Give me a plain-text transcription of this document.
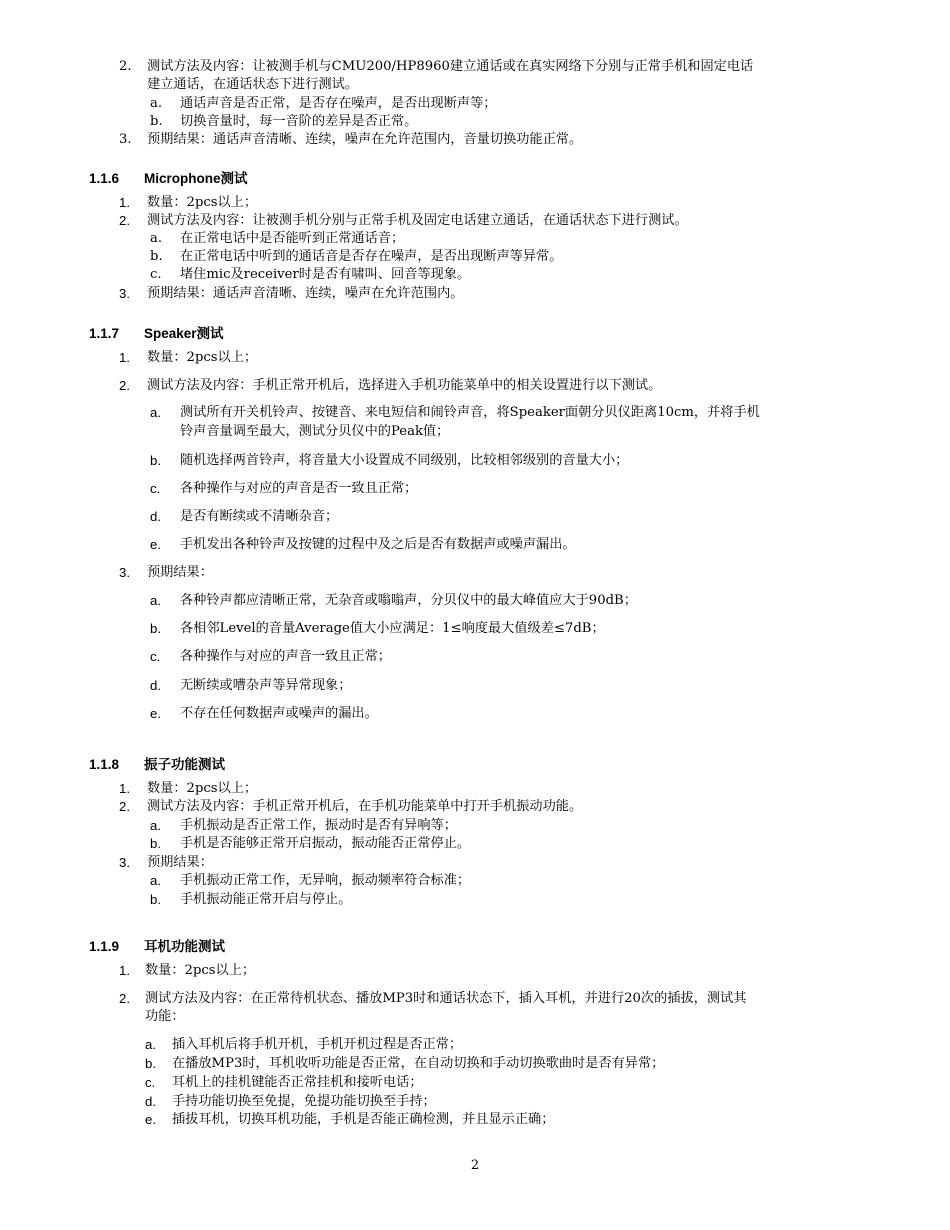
2. 测试方法及内容：让被测手机与CMU200/HP8960建立通话或在真实网络下分别与正常手机和固定电话
建立通话，在通话状态下进行测试。
a. 通话声音是否正常，是否存在噪声，是否出现断声等；
b. 切换音量时，每一音阶的差异是否正常。
3. 预期结果：通话声音清晰、连续，噪声在允许范围内，音量切换功能正常。
1.1.6 Microphone测试
1. 数量：2pcs以上；
2. 测试方法及内容：让被测手机分别与正常手机及固定电话建立通话，在通话状态下进行测试。
a. 在正常电话中是否能听到正常通话音；
b. 在正常电话中听到的通话音是否存在噪声，是否出现断声等异常。
c. 堵住mic及receiver时是否有啸叫、回音等现象。
3. 预期结果：通话声音清晰、连续，噪声在允许范围内。
1.1.7 Speaker测试
1. 数量：2pcs以上；
2. 测试方法及内容：手机正常开机后，选择进入手机功能菜单中的相关设置进行以下测试。
a. 测试所有开关机铃声、按键音、来电短信和闹铃声音，将Speaker面朝分贝仪距离10cm，并将手机
铃声音量调至最大，测试分贝仪中的Peak值；
b. 随机选择两首铃声，将音量大小设置成不同级别，比较相邻级别的音量大小；
c. 各种操作与对应的声音是否一致且正常；
d. 是否有断续或不清晰杂音；
e. 手机发出各种铃声及按键的过程中及之后是否有数据声或噪声漏出。
3. 预期结果：
a. 各种铃声都应清晰正常，无杂音或嗡嗡声，分贝仪中的最大峰值应大于90dB；
b. 各相邻Level的音量Average值大小应满足：1≤响度最大值级差≤7dB；
c. 各种操作与对应的声音一致且正常；
d. 无断续或嘈杂声等异常现象；
e. 不存在任何数据声或噪声的漏出。
1.1.8 振子功能测试
1. 数量：2pcs以上；
2. 测试方法及内容：手机正常开机后，在手机功能菜单中打开手机振动功能。
a. 手机振动是否正常工作，振动时是否有异响等；
b. 手机是否能够正常开启振动，振动能否正常停止。
3. 预期结果：
a. 手机振动正常工作，无异响，振动频率符合标准；
b. 手机振动能正常开启与停止。
1.1.9 耳机功能测试
1. 数量：2pcs以上；
2. 测试方法及内容：在正常待机状态、播放MP3时和通话状态下，插入耳机，并进行20次的插拔，测试其
功能：
a. 插入耳机后将手机开机，手机开机过程是否正常；
b. 在播放MP3时，耳机收听功能是否正常，在自动切换和手动切换歌曲时是否有异常；
c. 耳机上的挂机键能否正常挂机和接听电话；
d. 手持功能切换至免提，免提功能切换至手持；
e. 插拔耳机，切换耳机功能，手机是否能正确检测，并且显示正确；
2
